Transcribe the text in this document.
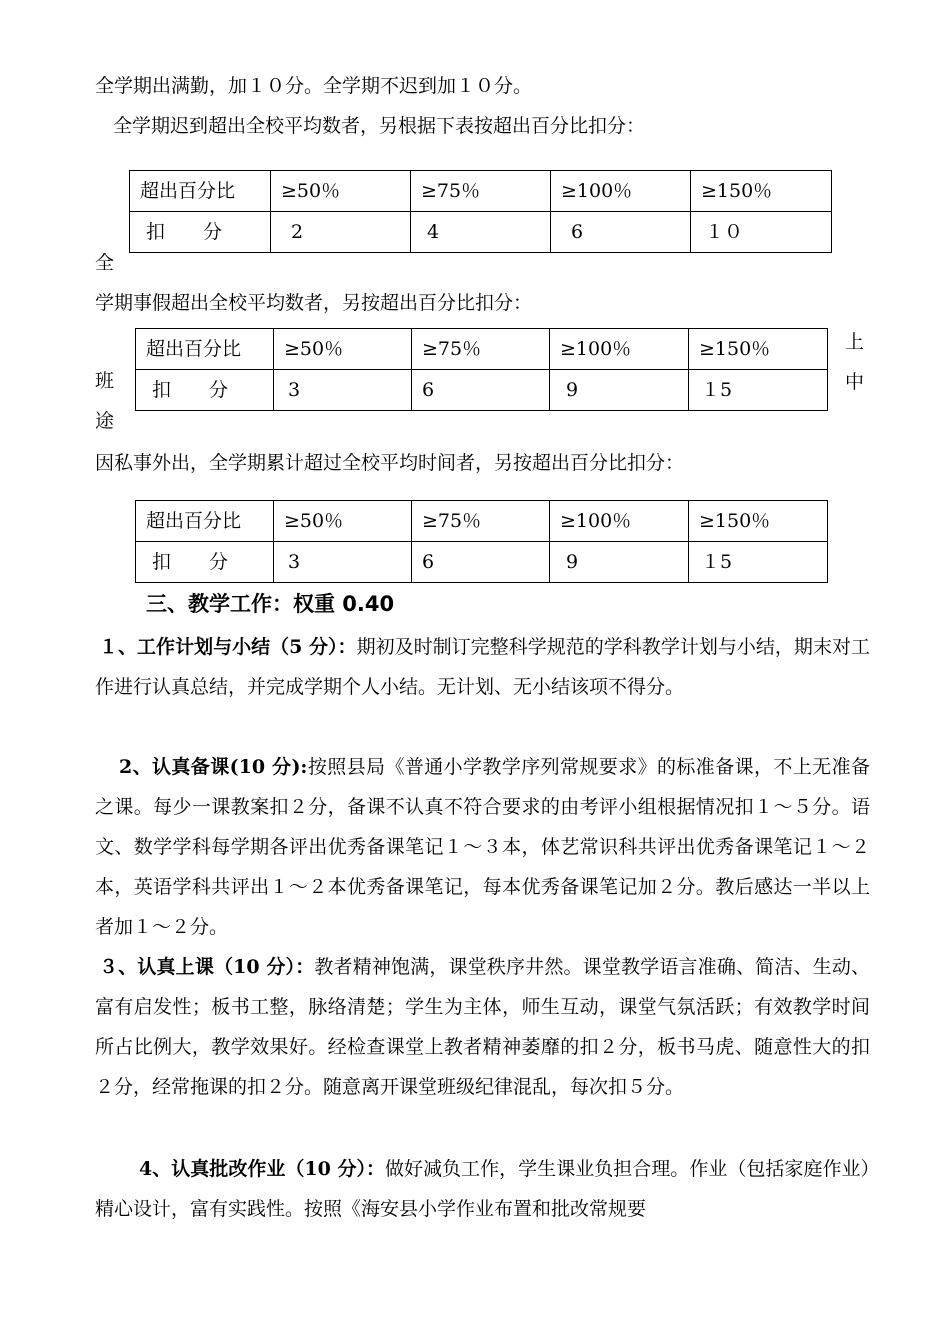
全学期出满勤，加１０分。全学期不迟到加１０分。
全学期迟到超出全校平均数者，另根据下表按超出百分比扣分：
超出百分比	≥50％	≥75％	≥100％	≥150％
扣　　分	2	4	6	１０
全
学期事假超出全校平均数者，另按超出百分比扣分：
上
中
班
途
超出百分比	≥50％	≥75％	≥100％	≥150％
扣　　分	3	6	9	１5
因私事外出，全学期累计超过全校平均时间者，另按超出百分比扣分：
超出百分比	≥50％	≥75％	≥100％	≥150％
扣　　分	3	6	9	１5
三、教学工作：权重 0.40
１、工作计划与小结（5 分）：期初及时制订完整科学规范的学科教学计划与小结，期末对工作进行认真总结，并完成学期个人小结。无计划、无小结该项不得分。
2、认真备课(10 分):按照县局《普通小学教学序列常规要求》的标准备课，不上无准备之课。每少一课教案扣２分，备课不认真不符合要求的由考评小组根据情况扣１～５分。语文、数学学科每学期各评出优秀备课笔记１～３本，体艺常识科共评出优秀备课笔记１～２本，英语学科共评出１～２本优秀备课笔记，每本优秀备课笔记加２分。教后感达一半以上者加１～２分。
３、认真上课（10 分）：教者精神饱满，课堂秩序井然。课堂教学语言准确、简洁、生动、富有启发性；板书工整，脉络清楚；学生为主体，师生互动，课堂气氛活跃；有效教学时间所占比例大，教学效果好。经检查课堂上教者精神萎靡的扣２分，板书马虎、随意性大的扣２分，经常拖课的扣２分。随意离开课堂班级纪律混乱，每次扣５分。
4、认真批改作业（10 分）：做好减负工作，学生课业负担合理。作业（包括家庭作业）精心设计，富有实践性。按照《海安县小学作业布置和批改常规要
